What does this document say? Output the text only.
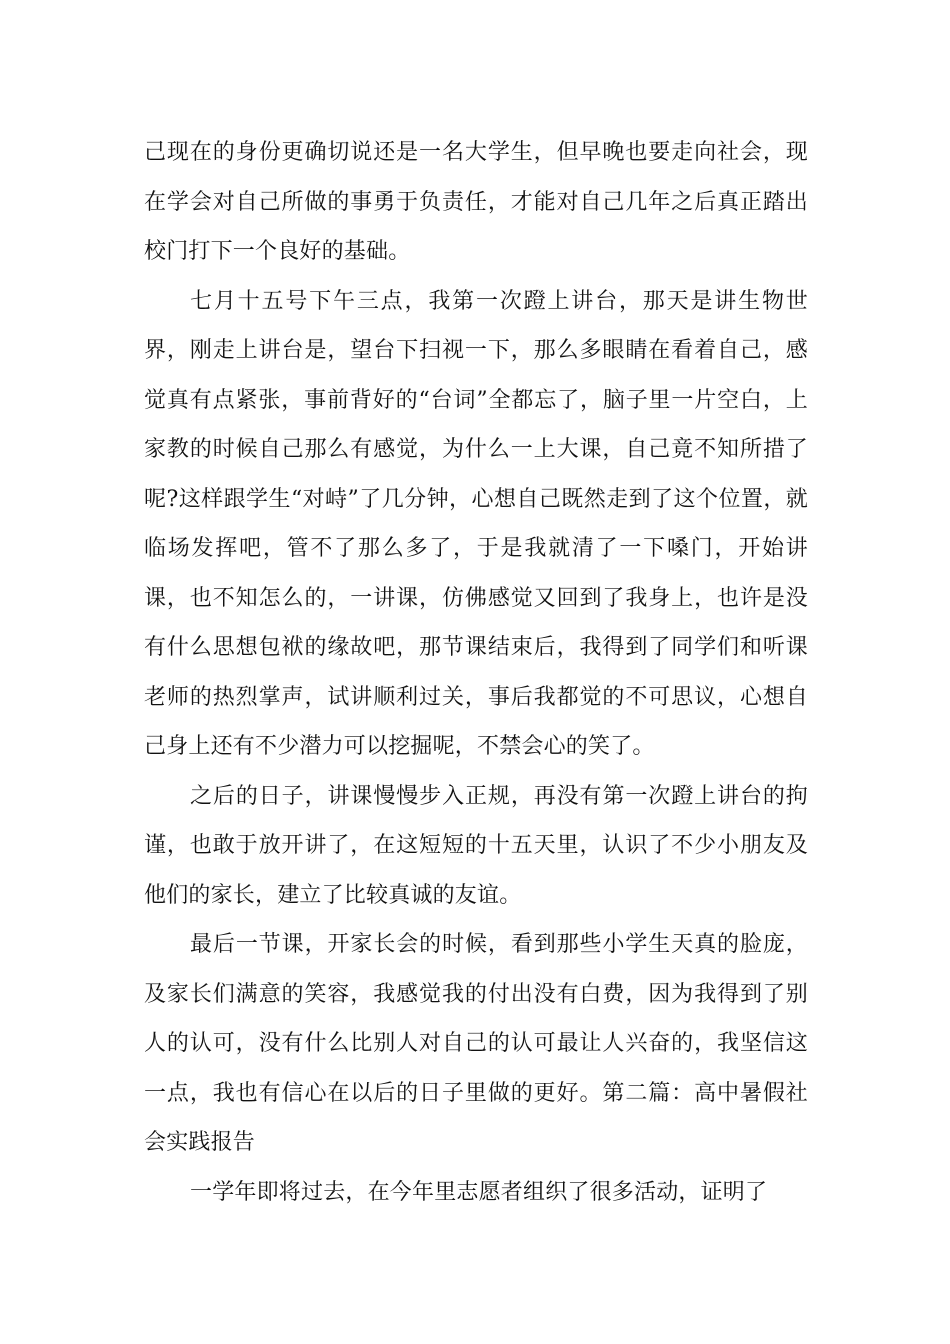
己现在的身份更确切说还是一名大学生，但早晚也要走向社会，现在学会对自己所做的事勇于负责任，才能对自己几年之后真正踏出校门打下一个良好的基础。

七月十五号下午三点，我第一次蹬上讲台，那天是讲生物世界，刚走上讲台是，望台下扫视一下，那么多眼睛在看着自己，感觉真有点紧张，事前背好的“台词”全都忘了，脑子里一片空白，上家教的时候自己那么有感觉，为什么一上大课，自己竟不知所措了呢?这样跟学生“对峙”了几分钟，心想自己既然走到了这个位置，就临场发挥吧，管不了那么多了，于是我就清了一下嗓门，开始讲课，也不知怎么的，一讲课，仿佛感觉又回到了我身上，也许是没有什么思想包袱的缘故吧，那节课结束后，我得到了同学们和听课老师的热烈掌声，试讲顺利过关，事后我都觉的不可思议，心想自己身上还有不少潜力可以挖掘呢，不禁会心的笑了。

之后的日子，讲课慢慢步入正规，再没有第一次蹬上讲台的拘谨，也敢于放开讲了，在这短短的十五天里，认识了不少小朋友及他们的家长，建立了比较真诚的友谊。

最后一节课，开家长会的时候，看到那些小学生天真的脸庞，及家长们满意的笑容，我感觉我的付出没有白费，因为我得到了别人的认可，没有什么比别人对自己的认可最让人兴奋的，我坚信这一点，我也有信心在以后的日子里做的更好。第二篇：高中暑假社会实践报告

一学年即将过去，在今年里志愿者组织了很多活动，证明了
